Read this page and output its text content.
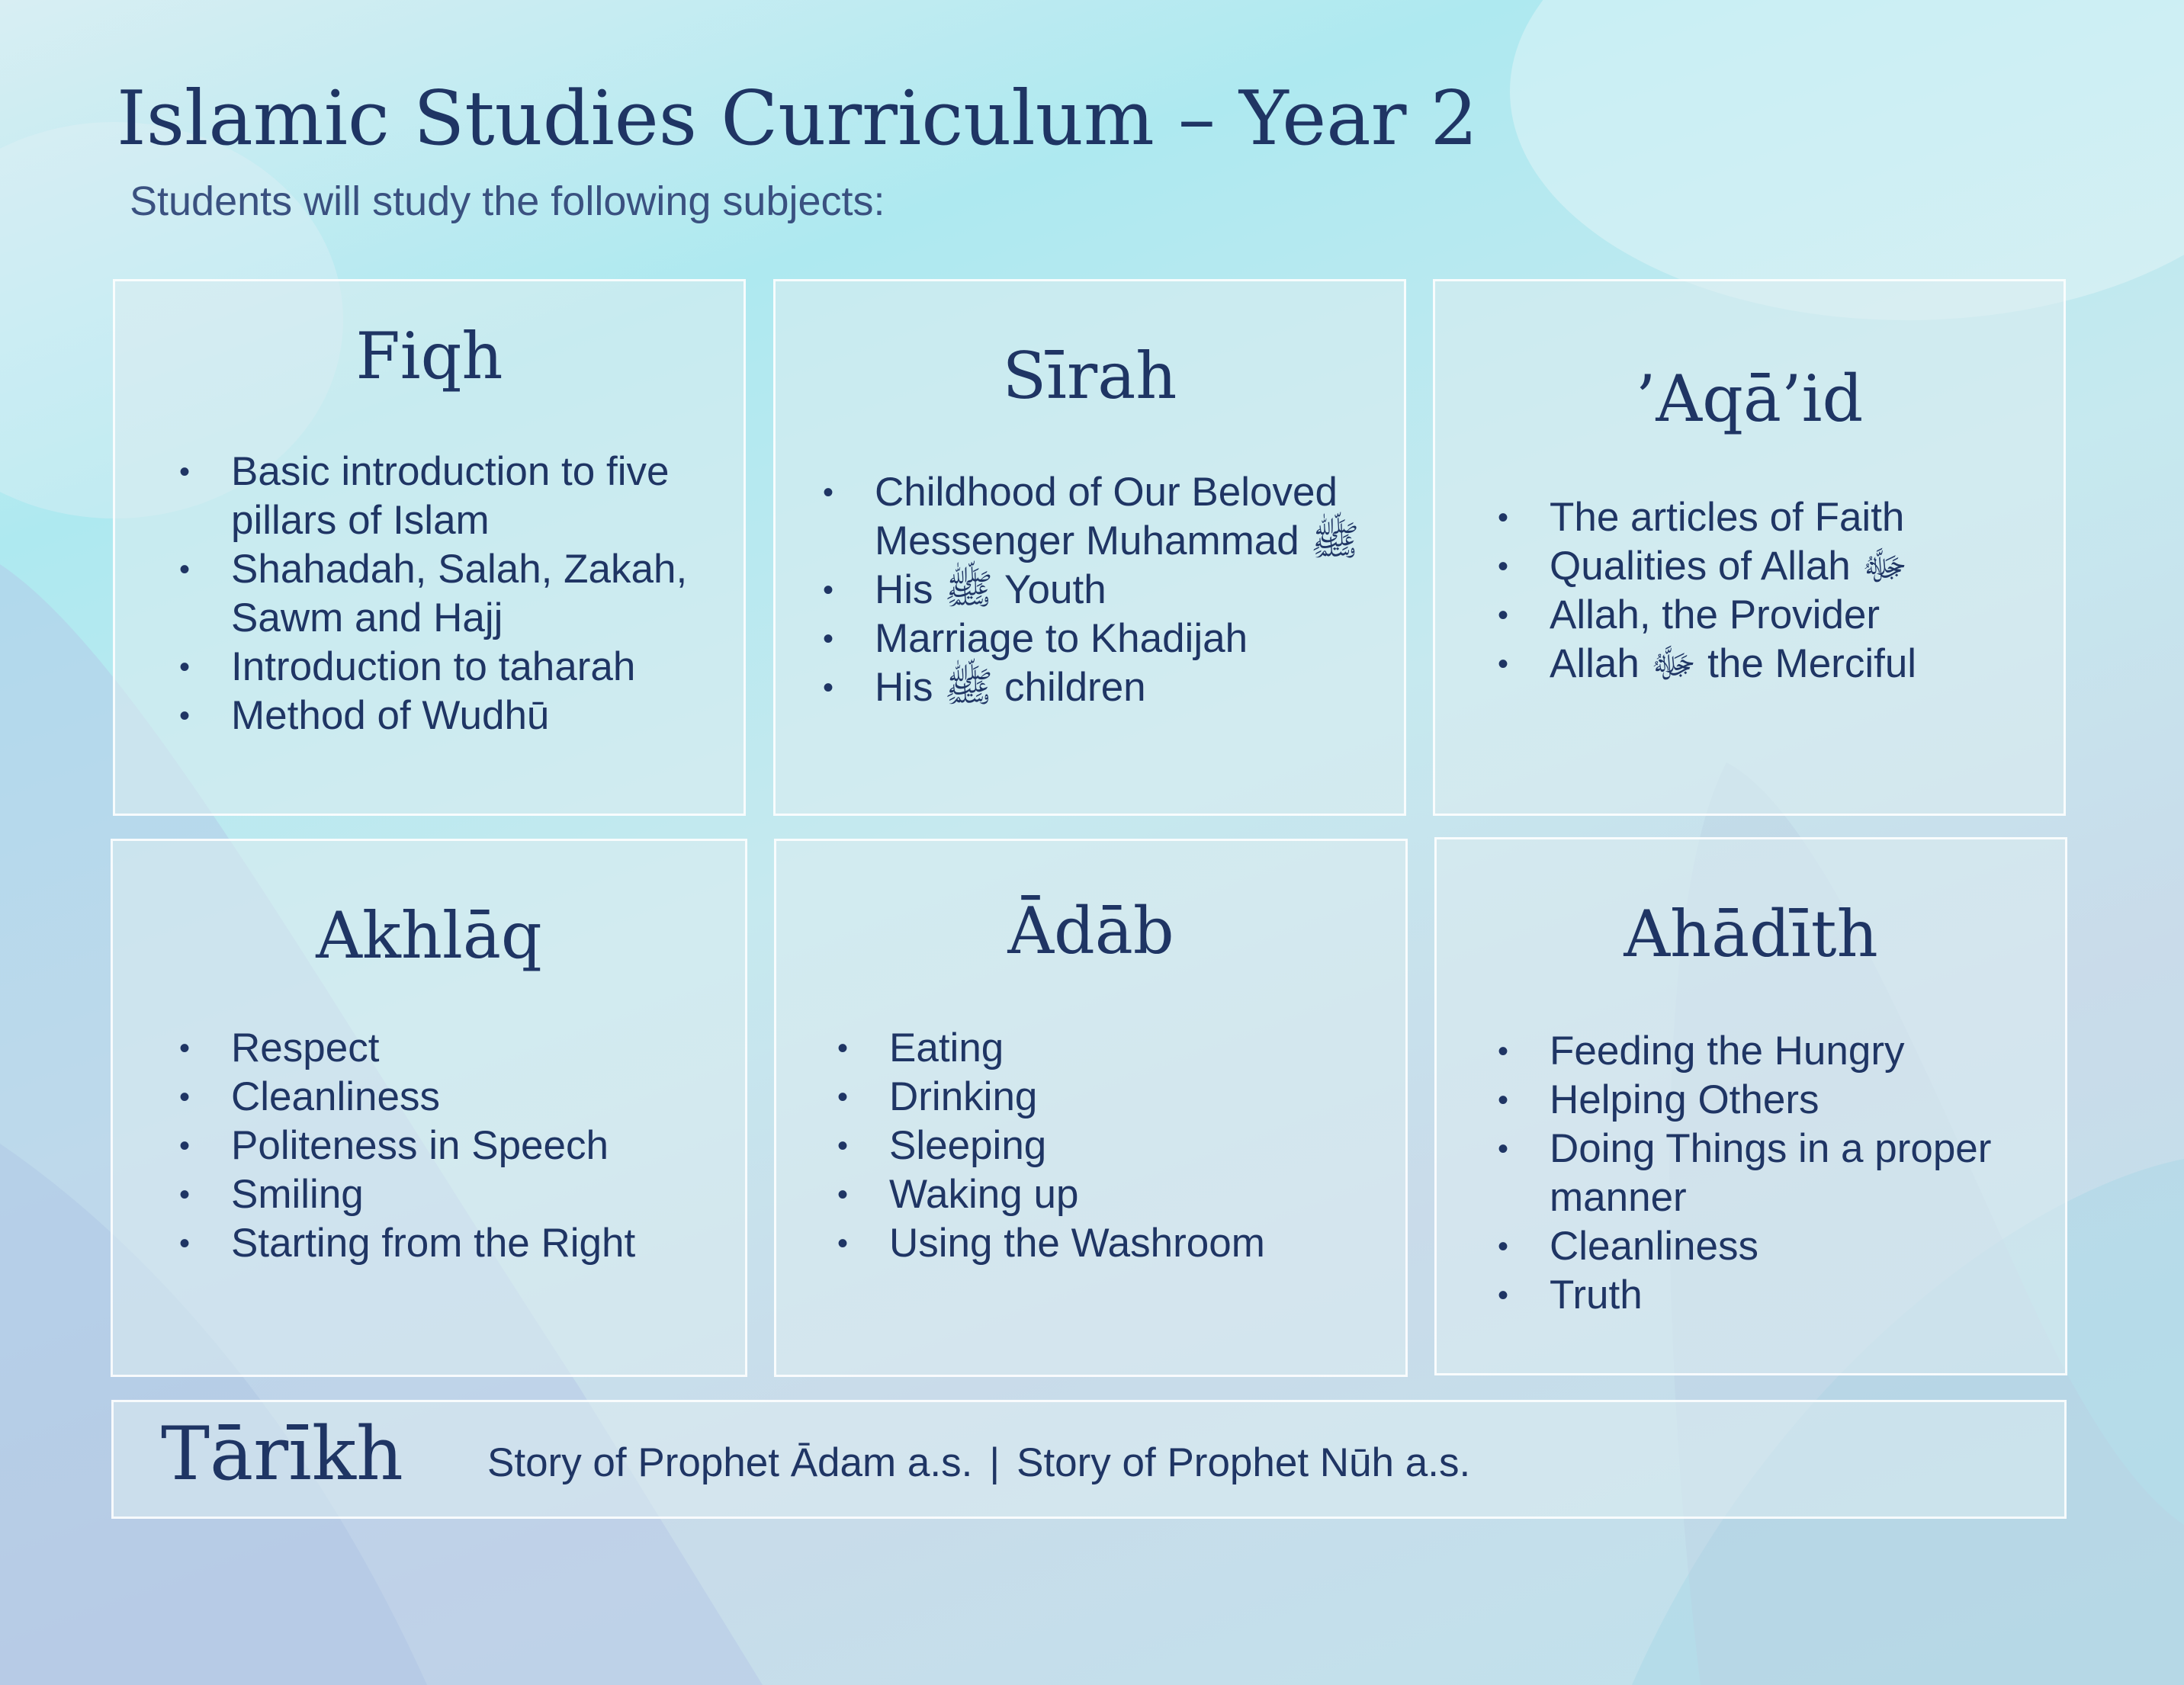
Islamic Studies Curriculum – Year 2

Students will study the following subjects:

Fiqh
• Basic introduction to five pillars of Islam
• Shahadah, Salah, Zakah, Sawm and Hajj
• Introduction to taharah
• Method of Wudhū
Sīrah
• Childhood of Our Beloved Messenger Muhammad ﷺ
• His ﷺ Youth
• Marriage to Khadijah
• His ﷺ children
’Aqā’id
• The articles of Faith
• Qualities of Allah ﷻ
• Allah, the Provider
• Allah ﷻ the Merciful
Akhlāq
• Respect
• Cleanliness
• Politeness in Speech
• Smiling
• Starting from the Right
Ādāb
• Eating
• Drinking
• Sleeping
• Waking up
• Using the Washroom
Ahādīth
• Feeding the Hungry
• Helping Others
• Doing Things in a proper manner
• Cleanliness
• Truth
Tārīkh Story of Prophet Ādam a.s. | Story of Prophet Nūh a.s.
